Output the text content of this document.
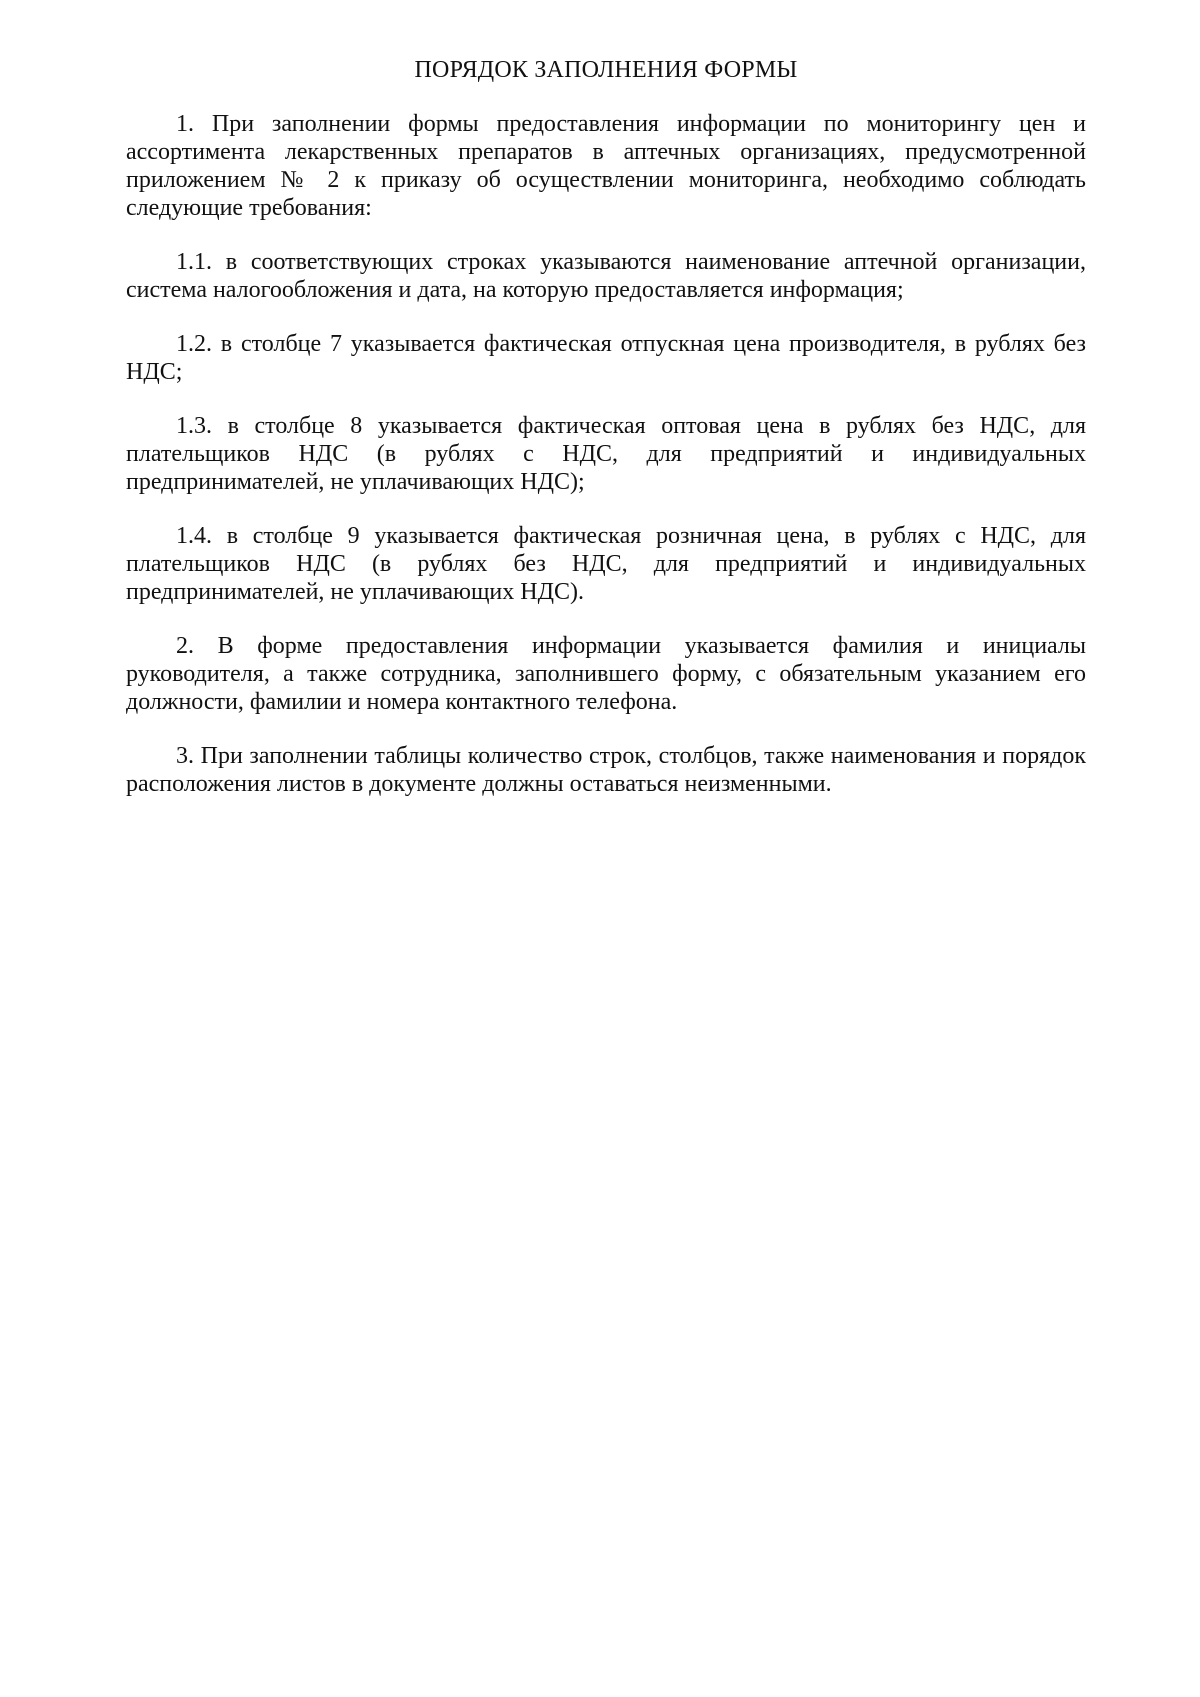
ПОРЯДОК ЗАПОЛНЕНИЯ ФОРМЫ

1. При заполнении формы предоставления информации по мониторингу цен и ассортимента лекарственных препаратов в аптечных организациях, предусмотренной приложением № 2 к приказу об осуществлении мониторинга, необходимо соблюдать следующие требования:

1.1. в соответствующих строках указываются наименование аптечной организации, система налогообложения и дата, на которую предоставляется информация;

1.2. в столбце 7 указывается фактическая отпускная цена производителя, в рублях без НДС;

1.3. в столбце 8 указывается фактическая оптовая цена в рублях без НДС, для плательщиков НДС (в рублях с НДС, для предприятий и индивидуальных предпринимателей, не уплачивающих НДС);

1.4. в столбце 9 указывается фактическая розничная цена, в рублях с НДС, для плательщиков НДС (в рублях без НДС, для предприятий и индивидуальных предпринимателей, не уплачивающих НДС).

2. В форме предоставления информации указывается фамилия и инициалы руководителя, а также сотрудника, заполнившего форму, с обязательным указанием его должности, фамилии и номера контактного телефона.

3. При заполнении таблицы количество строк, столбцов, также наименования и порядок расположения листов в документе должны оставаться неизменными.
